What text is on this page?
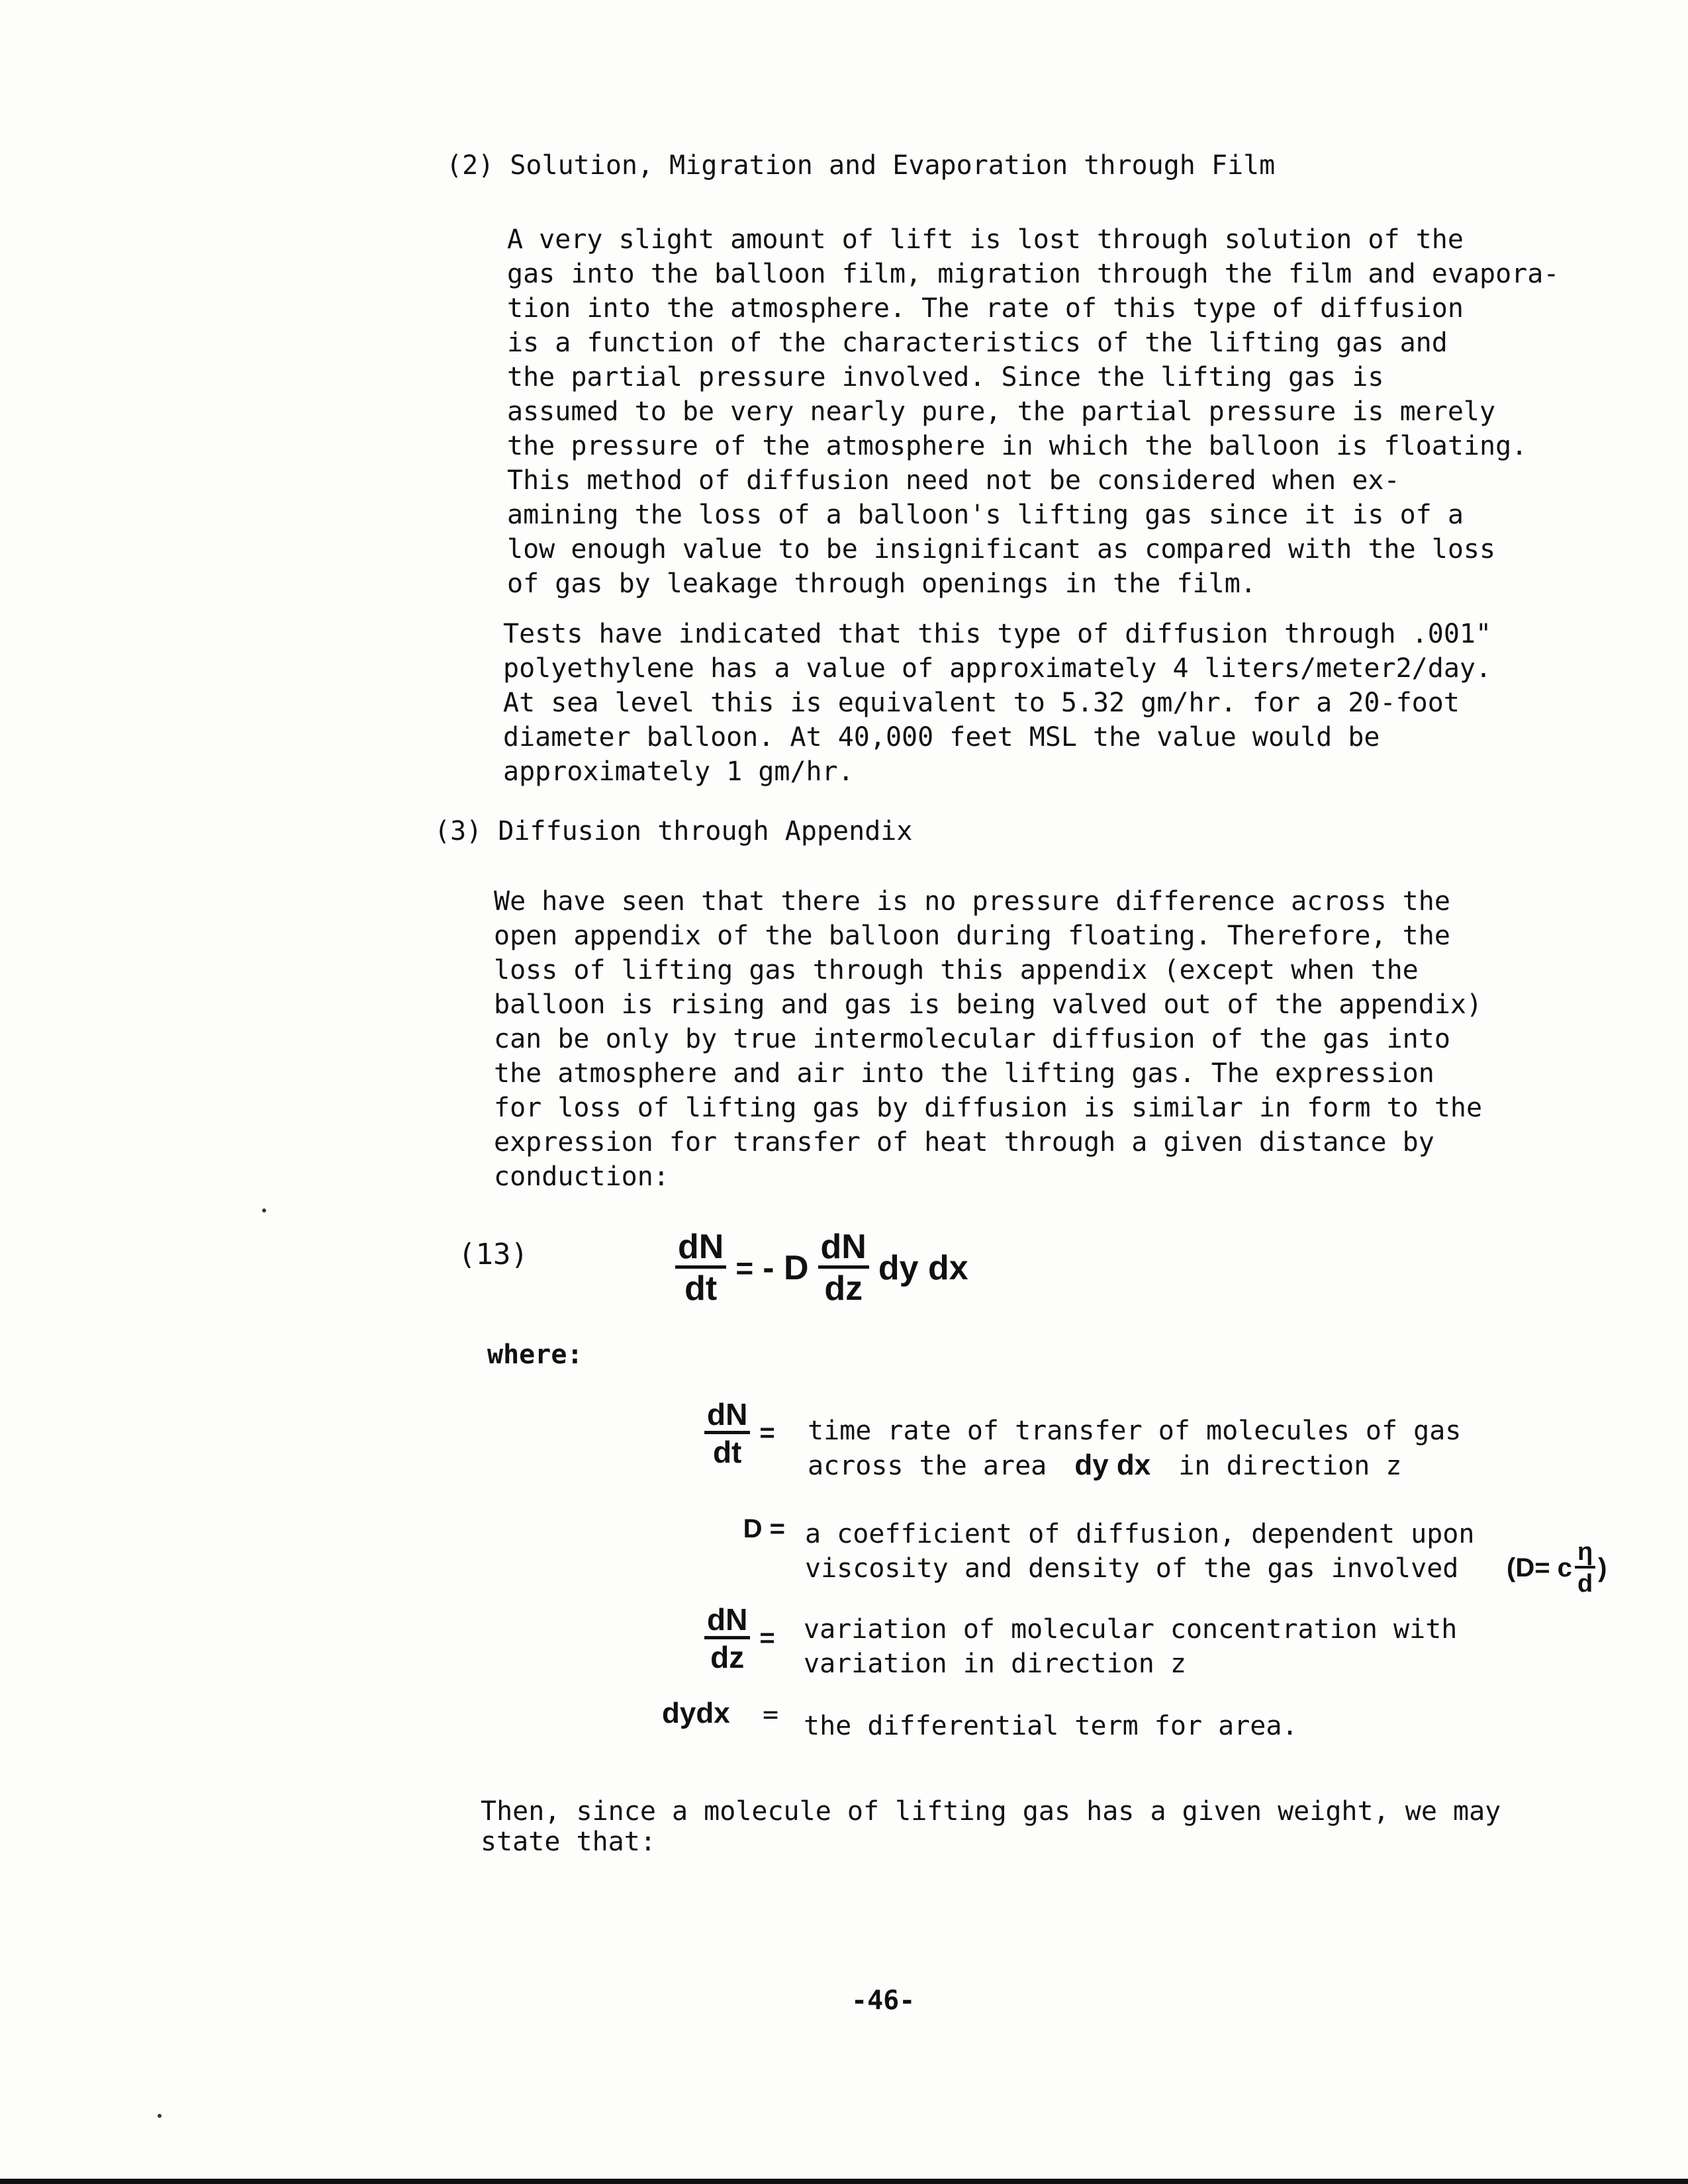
(2) Solution, Migration and Evaporation through Film
A very slight amount of lift is lost through solution of the
gas into the balloon film, migration through the film and evapora-
tion into the atmosphere. The rate of this type of diffusion
is a function of the characteristics of the lifting gas and
the partial pressure involved. Since the lifting gas is
assumed to be very nearly pure, the partial pressure is merely
the pressure of the atmosphere in which the balloon is floating.
This method of diffusion need not be considered when ex-
amining the loss of a balloon's lifting gas since it is of a
low enough value to be insignificant as compared with the loss
of gas by leakage through openings in the film.
Tests have indicated that this type of diffusion through .001"
polyethylene has a value of approximately 4 liters/meter2/day.
At sea level this is equivalent to 5.32 gm/hr. for a 20-foot
diameter balloon. At 40,000 feet MSL the value would be
approximately 1 gm/hr.
(3) Diffusion through Appendix
We have seen that there is no pressure difference across the
open appendix of the balloon during floating. Therefore, the
loss of lifting gas through this appendix (except when the
balloon is rising and gas is being valved out of the appendix)
can be only by true intermolecular diffusion of the gas into
the atmosphere and air into the lifting gas. The expression
for loss of lifting gas by diffusion is similar in form to the
expression for transfer of heat through a given distance by
conduction:
(13)	$\frac{dN}{dt}$ = - D $\frac{dN}{dz}$ dy dx
where:
$\frac{dN}{dt}$ = time rate of transfer of molecules of gas
across the area dy dx in direction z
D = a coefficient of diffusion, dependent upon
viscosity and density of the gas involved	(D= c $\frac{\eta}{d}$ )
$\frac{dN}{dz}$ = variation of molecular concentration with
variation in direction z
dydx = the differential term for area.
Then, since a molecule of lifting gas has a given weight, we may
state that:
-46-
